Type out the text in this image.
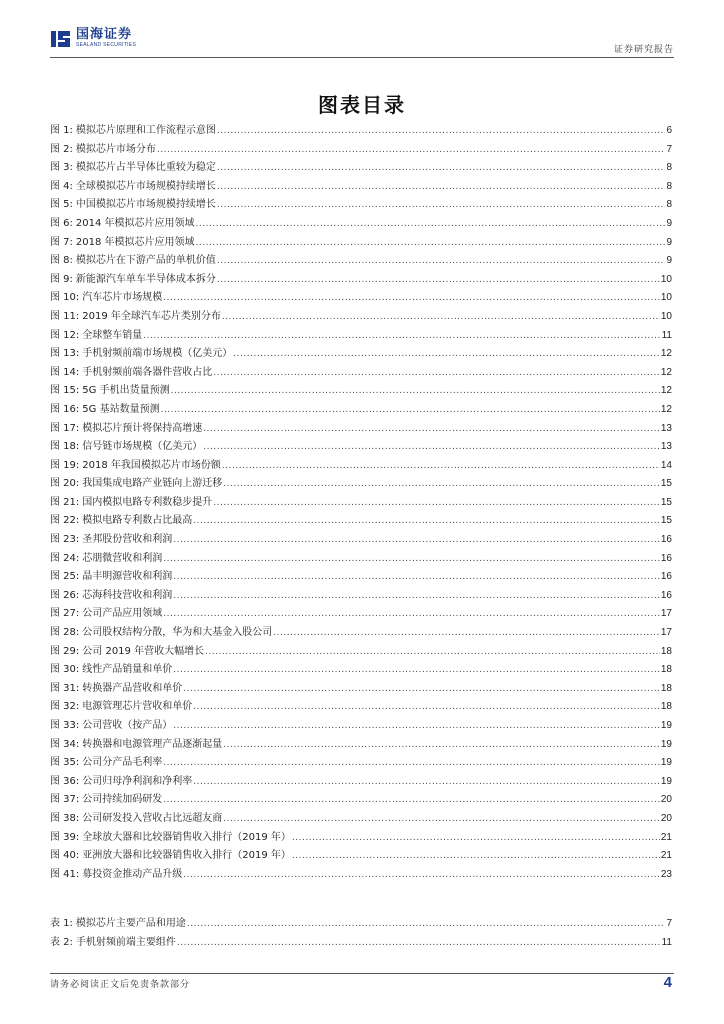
国海证券
SEALAND SECURITIES	证券研究报告
图表目录
图 1: 模拟芯片原理和工作流程示意图 .....	6
图 2: 模拟芯片市场分布 .....	7
图 3: 模拟芯片占半导体比重较为稳定 .....	8
图 4: 全球模拟芯片市场规模持续增长 .....	8
图 5: 中国模拟芯片市场规模持续增长 .....	8
图 6: 2014 年模拟芯片应用领域 .....	9
图 7: 2018 年模拟芯片应用领域 .....	9
图 8: 模拟芯片在下游产品的单机价值 .....	9
图 9: 新能源汽车单车半导体成本拆分 .....	10
图 10: 汽车芯片市场规模 .....	10
图 11: 2019 年全球汽车芯片类别分布 .....	10
图 12: 全球整车销量 .....	11
图 13: 手机射频前端市场规模（亿美元） .....	12
图 14: 手机射频前端各器件营收占比 .....	12
图 15: 5G 手机出货量预测 .....	12
图 16: 5G 基站数量预测 .....	12
图 17: 模拟芯片预计将保持高增速 .....	13
图 18: 信号链市场规模（亿美元） .....	13
图 19: 2018 年我国模拟芯片市场份额 .....	14
图 20: 我国集成电路产业链向上游迁移 .....	15
图 21: 国内模拟电路专利数稳步提升 .....	15
图 22: 模拟电路专利数占比最高 .....	15
图 23: 圣邦股份营收和利润 .....	16
图 24: 芯朋微营收和利润 .....	16
图 25: 晶丰明源营收和利润 .....	16
图 26: 芯海科技营收和利润 .....	16
图 27: 公司产品应用领域 .....	17
图 28: 公司股权结构分散，华为和大基金入股公司 .....	17
图 29: 公司 2019 年营收大幅增长 .....	18
图 30: 线性产品销量和单价 .....	18
图 31: 转换器产品营收和单价 .....	18
图 32: 电源管理芯片营收和单价 .....	18
图 33: 公司营收（按产品） .....	19
图 34: 转换器和电源管理产品逐渐起量 .....	19
图 35: 公司分产品毛利率 .....	19
图 36: 公司归母净利润和净利率 .....	19
图 37: 公司持续加码研发 .....	20
图 38: 公司研发投入营收占比远超友商 .....	20
图 39: 全球放大器和比较器销售收入排行（2019 年） .....	21
图 40: 亚洲放大器和比较器销售收入排行（2019 年） .....	21
图 41: 募投资金推动产品升级 .....	23
表 1: 模拟芯片主要产品和用途 .....	7
表 2: 手机射频前端主要组件 .....	11
请务必阅读正文后免责条款部分	4
